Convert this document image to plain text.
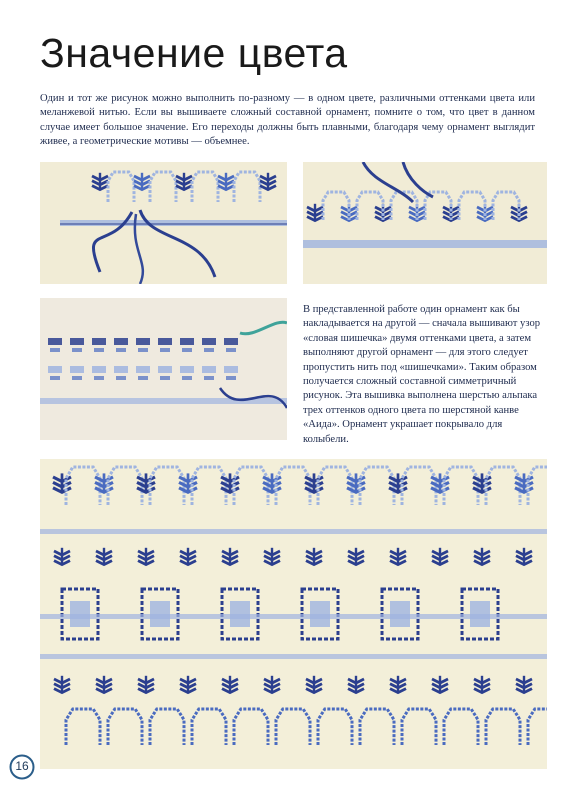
Значение цвета
Один и тот же рисунок можно выполнить по-разному — в одном цвете, различными оттенками цвета или меланжевой нитью. Если вы вышиваете сложный составной орнамент, помните о том, что цвет в данном случае имеет большое значение. Его переходы должны быть плавными, благодаря чему орнамент выглядит живее, а геометрические мотивы — объемнее.
В представленной работе один орнамент как бы накладывается на другой — сначала вышивают узор «словая шишечка» двумя оттенками цвета, а затем выполняют другой орнамент — для этого следует пропустить нить под «шишечками». Таким образом получается сложный составной симметричный рисунок. Эта вышивка выполнена шерстью альпака трех оттенков одного цвета по шерстяной канве «Аида». Орнамент украшает покрывало для колыбели.
16
